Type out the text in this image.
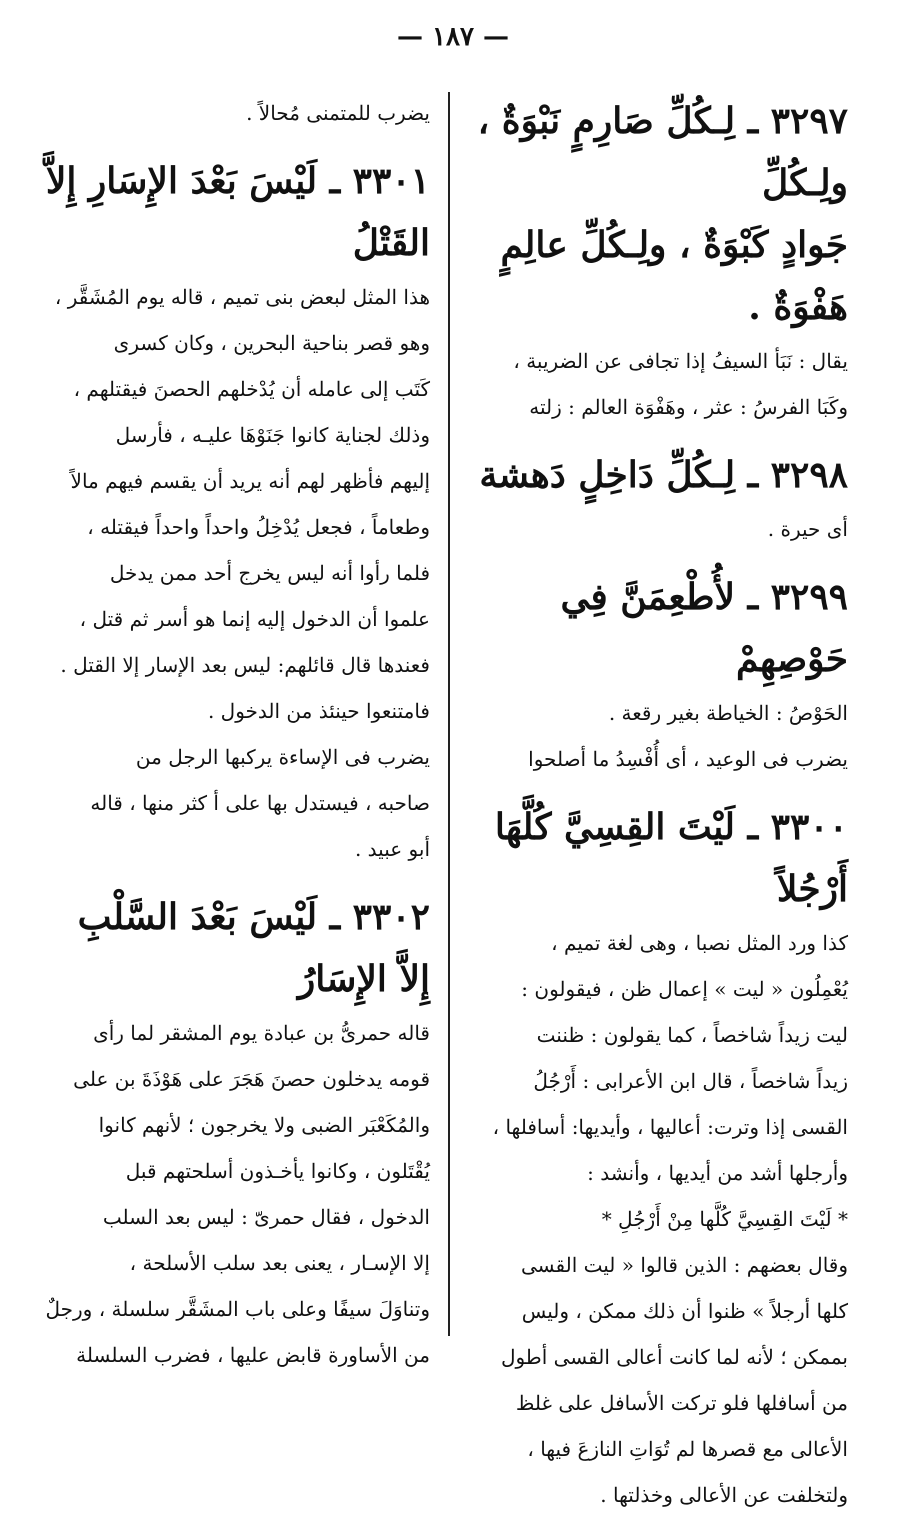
— ١٨٧ —
٣٢٩٧ ـ لِـكُلِّ صَارِمٍ نَبْوَةٌ ، ولِـكُلِّ
جَوادٍ كَبْوَةٌ ، ولِـكُلِّ عالِمٍ
هَفْوَةٌ .

يقال : نَبَأ السيفُ إذا تجافى عن الضريبة ،
وكَبَا الفرسُ : عثر ، وهَفْوَة العالم : زلته

٣٢٩٨ ـ لِـكُلِّ دَاخِلٍ دَهشة

أى حيرة .

٣٢٩٩ ـ لأُطْعِمَنَّ فِي حَوْصِهِمْ

الحَوْصُ : الخياطة بغير رقعة .

يضرب فى الوعيد ، أى أُفْسِدُ ما أصلحوا

٣٣٠٠ ـ لَيْتَ القِسِيَّ كُلَّهَا أَرْجُلاً

كذا ورد المثل نصبا ، وهى لغة تميم ،
يُعْمِلُون « ليت » إعمال ظن ، فيقولون :
ليت زيداً شاخصاً ، كما يقولون : ظننت
زيداً شاخصاً ، قال ابن الأعرابى : أَرْجُلُ
القسى إذا وترت: أعاليها ، وأيديها: أسافلها ،
وأرجلها أشد من أيديها ، وأنشد :

* لَيْتَ القِسِيَّ كُلَّها مِنْ أَرْجُلِ *

وقال بعضهم : الذين قالوا « ليت القسى
كلها أرجلاً » ظنوا أن ذلك ممكن ، وليس
بممكن ؛ لأنه لما كانت أعالى القسى أطول
من أسافلها فلو تركت الأسافل على غلظ
الأعالى مع قصرها لم تُوَاتِ النازعَ فيها ،
ولتخلفت عن الأعالى وخذلتها .

يضرب للمتمنى مُحالاً .

٣٣٠١ ـ لَيْسَ بَعْدَ الإِسَارِ إِلاَّ القَتْلُ

هذا المثل لبعض بنى تميم ، قاله يوم المُشَقَّر ،
وهو قصر بناحية البحرين ، وكان كسرى
كَتَب إلى عامله أن يُدْخلهم الحصنَ فيقتلهم ،
وذلك لجناية كانوا جَنَوْهَا عليـه ، فأرسل
إليهم فأظهر لهم أنه يريد أن يقسم فيهم مالاً
وطعاماً ، فجعل يُدْخِلُ واحداً واحداً فيقتله ،
فلما رأوا أنه ليس يخرج أحد ممن يدخل
علموا أن الدخول إليه إنما هو أسر ثم قتل ،
فعندها قال قائلهم: ليس بعد الإسار إلا القتل .
فامتنعوا حينئذ من الدخول .

يضرب فى الإساءة يركبها الرجل من
صاحبه ، فيستدل بها على أ كثر منها ، قاله
أبو عبيد .

٣٣٠٢ ـ لَيْسَ بَعْدَ السَّلْبِ إِلاَّ الإِسَارُ

قاله حمرىُّ بن عبادة يوم المشقر لما رأى
قومه يدخلون حصنَ هَجَرَ على هَوْذَةَ بن على
والمُكَعْبَر الضبى ولا يخرجون ؛ لأنهم كانوا
يُقْتَلون ، وكانوا يأخـذون أسلحتهم قبل
الدخول ، فقال حمرىّ : ليس بعد السلب
إلا الإسـار ، يعنى بعد سلب الأسلحة ،
وتناوَلَ سيفًا وعلى باب المشَقَّر سلسلة ، ورجلٌ
من الأساورة قابض عليها ، فضرب السلسلة
